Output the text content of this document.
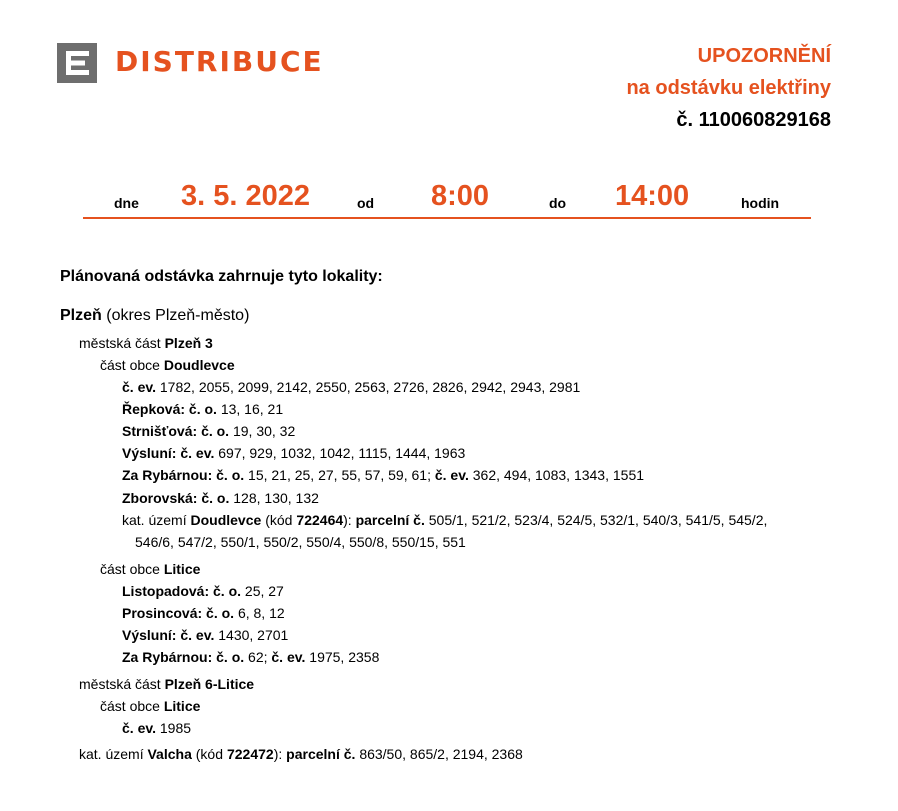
DISTRIBUCE	UPOZORNĚNÍ
na odstávku elektřiny
č. 110060829168
dne 3. 5. 2022	od 8:00	do 14:00	hodin
Plánovaná odstávka zahrnuje tyto lokality:
Plzeň (okres Plzeň-město)
městská část Plzeň 3
část obce Doudlevce
č. ev. 1782, 2055, 2099, 2142, 2550, 2563, 2726, 2826, 2942, 2943, 2981
Řepková: č. o. 13, 16, 21
Strnišťová: č. o. 19, 30, 32
Výsluní: č. ev. 697, 929, 1032, 1042, 1115, 1444, 1963
Za Rybárnou: č. o. 15, 21, 25, 27, 55, 57, 59, 61; č. ev. 362, 494, 1083, 1343, 1551
Zborovská: č. o. 128, 130, 132
kat. území Doudlevce (kód 722464): parcelní č. 505/1, 521/2, 523/4, 524/5, 532/1, 540/3, 541/5, 545/2,
546/6, 547/2, 550/1, 550/2, 550/4, 550/8, 550/15, 551
část obce Litice
Listopadová: č. o. 25, 27
Prosincová: č. o. 6, 8, 12
Výsluní: č. ev. 1430, 2701
Za Rybárnou: č. o. 62; č. ev. 1975, 2358
městská část Plzeň 6-Litice
část obce Litice
č. ev. 1985
kat. území Valcha (kód 722472): parcelní č. 863/50, 865/2, 2194, 2368
